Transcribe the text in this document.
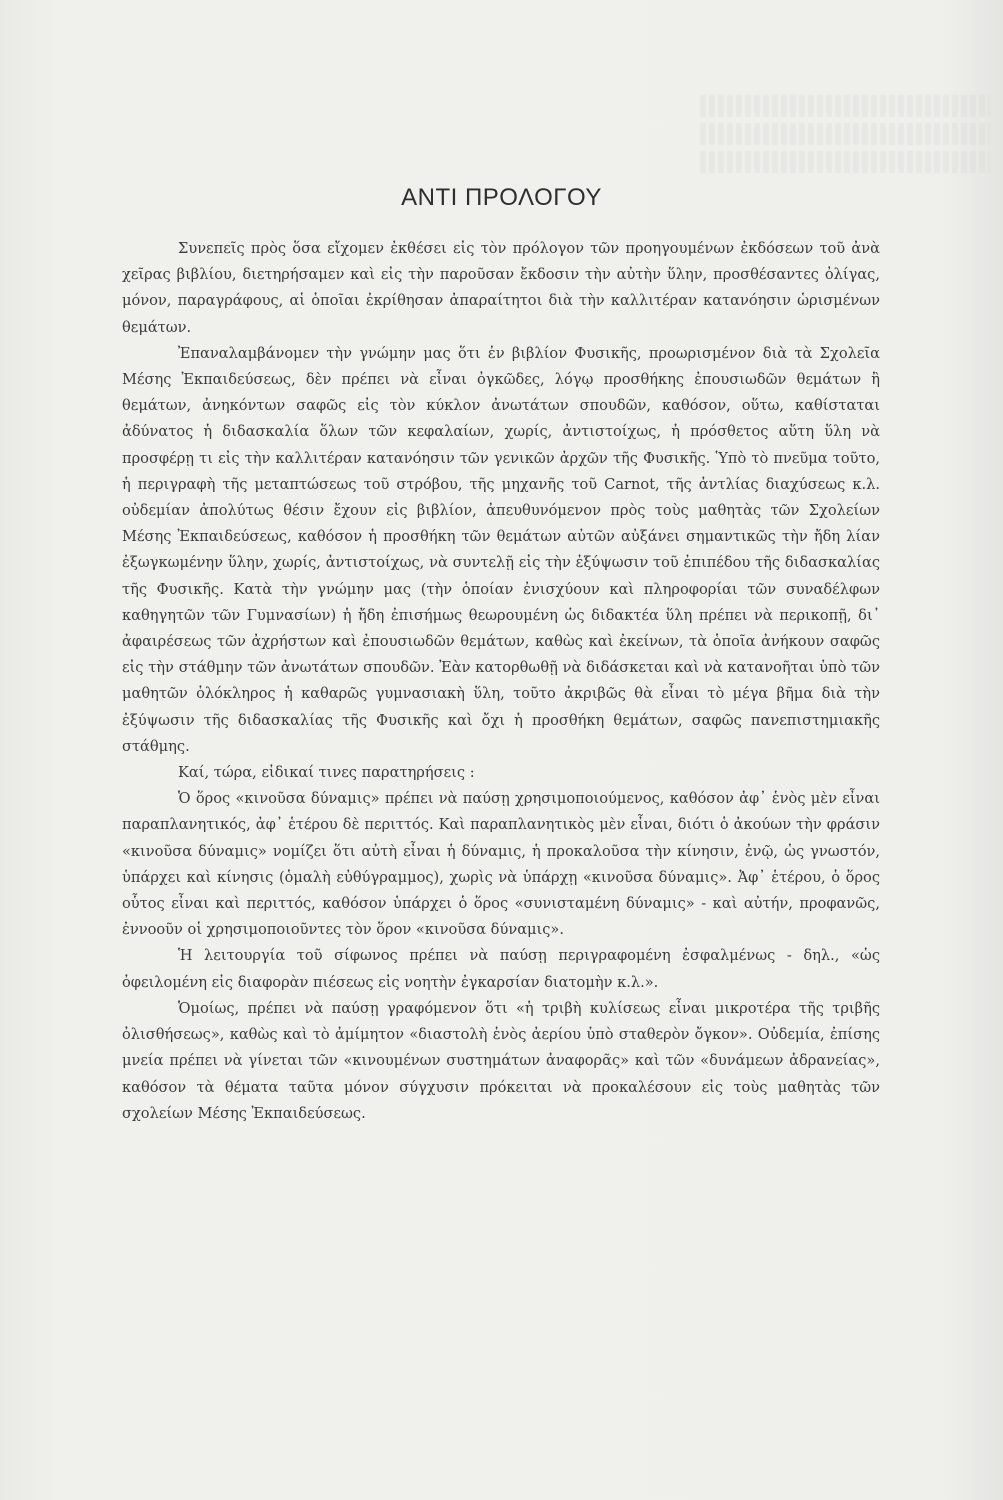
ΑΝΤΙ ΠΡΟΛΟΓΟΥ

Συνεπεῖς πρὸς ὅσα εἴχομεν ἐκθέσει εἰς τὸν πρόλογον τῶν προηγουμένων ἐκδόσεων τοῦ ἀνὰ χεῖρας βιβλίου, διετηρήσαμεν καὶ εἰς τὴν παροῦσαν ἔκδοσιν τὴν αὐτὴν ὕλην, προσθέσαντες ὀλίγας, μόνον, παραγράφους, αἱ ὁποῖαι ἐκρίθησαν ἀπαραίτητοι διὰ τὴν καλλιτέραν κατανόησιν ὡρισμένων θεμάτων.

Ἐπαναλαμβάνομεν τὴν γνώμην μας ὅτι ἐν βιβλίον Φυσικῆς, προωρισμένον διὰ τὰ Σχολεῖα Μέσης Ἐκπαιδεύσεως, δὲν πρέπει νὰ εἶναι ὀγκῶδες, λόγῳ προσθήκης ἐπουσιωδῶν θεμάτων ἢ θεμάτων, ἀνηκόντων σαφῶς εἰς τὸν κύκλον ἀνωτάτων σπουδῶν, καθόσον, οὕτω, καθίσταται ἀδύνατος ἡ διδασκαλία ὅλων τῶν κεφαλαίων, χωρίς, ἀντιστοίχως, ἡ πρόσθετος αὕτη ὕλη νὰ προσφέρῃ τι εἰς τὴν καλλιτέραν κατανόησιν τῶν γενικῶν ἀρχῶν τῆς Φυσικῆς. Ὑπὸ τὸ πνεῦμα τοῦτο, ἡ περιγραφὴ τῆς μεταπτώσεως τοῦ στρόβου, τῆς μηχανῆς τοῦ Carnot, τῆς ἀντλίας διαχύσεως κ.λ. οὐδεμίαν ἀπολύτως θέσιν ἔχουν εἰς βιβλίον, ἀπευθυνόμενον πρὸς τοὺς μαθητὰς τῶν Σχολείων Μέσης Ἐκπαιδεύσεως, καθόσον ἡ προσθήκη τῶν θεμάτων αὐτῶν αὐξάνει σημαντικῶς τὴν ἤδη λίαν ἐξωγκωμένην ὕλην, χωρίς, ἀντιστοίχως, νὰ συντελῇ εἰς τὴν ἐξύψωσιν τοῦ ἐπιπέδου τῆς διδασκαλίας τῆς Φυσικῆς. Κατὰ τὴν γνώμην μας (τὴν ὁποίαν ἐνισχύουν καὶ πληροφορίαι τῶν συναδέλφων καθηγητῶν τῶν Γυμνασίων) ἡ ἤδη ἐπισήμως θεωρουμένη ὡς διδακτέα ὕλη πρέπει νὰ περικοπῇ, δι᾿ ἀφαιρέσεως τῶν ἀχρήστων καὶ ἐπουσιωδῶν θεμάτων, καθὼς καὶ ἐκείνων, τὰ ὁποῖα ἀνήκουν σαφῶς εἰς τὴν στάθμην τῶν ἀνωτάτων σπουδῶν. Ἐὰν κατορθωθῇ νὰ διδάσκεται καὶ νὰ κατανοῆται ὑπὸ τῶν μαθητῶν ὁλόκληρος ἡ καθαρῶς γυμνασιακὴ ὕλη, τοῦτο ἀκριβῶς θὰ εἶναι τὸ μέγα βῆμα διὰ τὴν ἐξύψωσιν τῆς διδασκαλίας τῆς Φυσικῆς καὶ ὄχι ἡ προσθήκη θεμάτων, σαφῶς πανεπιστημιακῆς στάθμης.

Καί, τώρα, εἰδικαί τινες παρατηρήσεις :

Ὁ ὅρος «κινοῦσα δύναμις» πρέπει νὰ παύσῃ χρησιμοποιούμενος, καθόσον ἀφ᾿ ἑνὸς μὲν εἶναι παραπλανητικός, ἀφ᾿ ἑτέρου δὲ περιττός. Καὶ παραπλανητικὸς μὲν εἶναι, διότι ὁ ἀκούων τὴν φράσιν «κινοῦσα δύναμις» νομίζει ὅτι αὐτὴ εἶναι ἡ δύναμις, ἡ προκαλοῦσα τὴν κίνησιν, ἐνῷ, ὡς γνωστόν, ὑπάρχει καὶ κίνησις (ὁμαλὴ εὐθύγραμμος), χωρὶς νὰ ὑπάρχῃ «κινοῦσα δύναμις». Ἀφ᾿ ἑτέρου, ὁ ὅρος οὗτος εἶναι καὶ περιττός, καθόσον ὑπάρχει ὁ ὅρος «συνισταμένη δύναμις» - καὶ αὐτήν, προφανῶς, ἐννοοῦν οἱ χρησιμοποιοῦντες τὸν ὅρον «κινοῦσα δύναμις».

Ἡ λειτουργία τοῦ σίφωνος πρέπει νὰ παύσῃ περιγραφομένη ἐσφαλμένως - δηλ., «ὡς ὀφειλομένη εἰς διαφορὰν πιέσεως εἰς νοητὴν ἐγκαρσίαν διατομὴν κ.λ.».

Ὁμοίως, πρέπει νὰ παύσῃ γραφόμενον ὅτι «ἡ τριβὴ κυλίσεως εἶναι μικροτέρα τῆς τριβῆς ὀλισθήσεως», καθὼς καὶ τὸ ἀμίμητον «διαστολὴ ἑνὸς ἀερίου ὑπὸ σταθερὸν ὄγκον». Οὐδεμία, ἐπίσης μνεία πρέπει νὰ γίνεται τῶν «κινουμένων συστημάτων ἀναφορᾶς» καὶ τῶν «δυνάμεων ἀδρανείας», καθόσον τὰ θέματα ταῦτα μόνον σύγχυσιν πρόκειται νὰ προκαλέσουν εἰς τοὺς μαθητὰς τῶν σχολείων Μέσης Ἐκπαιδεύσεως.
